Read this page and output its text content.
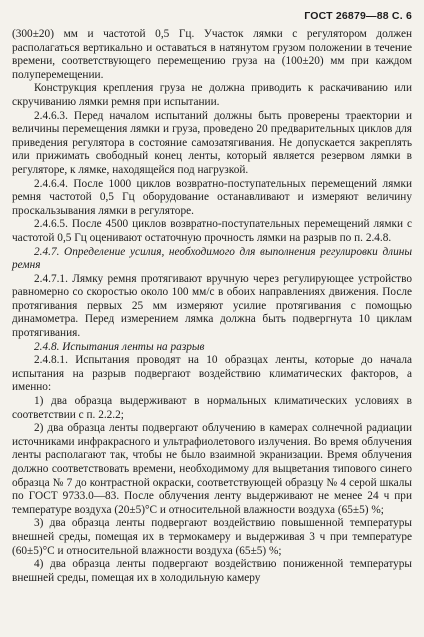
ГОСТ 26879—88 С. 6

(300±20) мм и частотой 0,5 Гц. Участок лямки с регулятором должен располагаться вертикально и оставаться в натянутом грузом положении в течение времени, соответствующего перемещению груза на (100±20) мм при каждом полуперемещении.

Конструкция крепления груза не должна приводить к раскачиванию или скручиванию лямки ремня при испытании.

2.4.6.3. Перед началом испытаний должны быть проверены траектории и величины перемещения лямки и груза, проведено 20 предварительных циклов для приведения регулятора в состояние самозатягивания. Не допускается закреплять или прижимать свободный конец ленты, который является резервом лямки в регуляторе, к лямке, находящейся под нагрузкой.

2.4.6.4. После 1000 циклов возвратно-поступательных перемещений лямки ремня частотой 0,5 Гц оборудование останавливают и измеряют величину проскальзывания лямки в регуляторе.

2.4.6.5. После 4500 циклов возвратно-поступательных перемещений лямки с частотой 0,5 Гц оценивают остаточную прочность лямки на разрыв по п. 2.4.8.

2.4.7. Определение усилия, необходимого для выполнения регулировки длины ремня

2.4.7.1. Лямку ремня протягивают вручную через регулирующее устройство равномерно со скоростью около 100 мм/с в обоих направлениях движения. После протягивания первых 25 мм измеряют усилие протягивания с помощью динамометра. Перед измерением лямка должна быть подвергнута 10 циклам протягивания.

2.4.8. Испытания ленты на разрыв

2.4.8.1. Испытания проводят на 10 образцах ленты, которые до начала испытания на разрыв подвергают воздействию климатических факторов, а именно:

1) два образца выдерживают в нормальных климатических условиях в соответствии с п. 2.2.2;

2) два образца ленты подвергают облучению в камерах солнечной радиации источниками инфракрасного и ультрафиолетового излучения. Во время облучения ленты располагают так, чтобы не было взаимной экранизации. Время облучения должно соответствовать времени, необходимому для выцветания типового синего образца № 7 до контрастной окраски, соответствующей образцу № 4 серой шкалы по ГОСТ 9733.0—83. После облучения ленту выдерживают не менее 24 ч при температуре воздуха (20±5)°С и относительной влажности воздуха (65±5) %;

3) два образца ленты подвергают воздействию повышенной температуры внешней среды, помещая их в термокамеру и выдерживая 3 ч при температуре (60±5)°С и относительной влажности воздуха (65±5) %;

4) два образца ленты подвергают воздействию пониженной температуры внешней среды, помещая их в холодильную камеру
